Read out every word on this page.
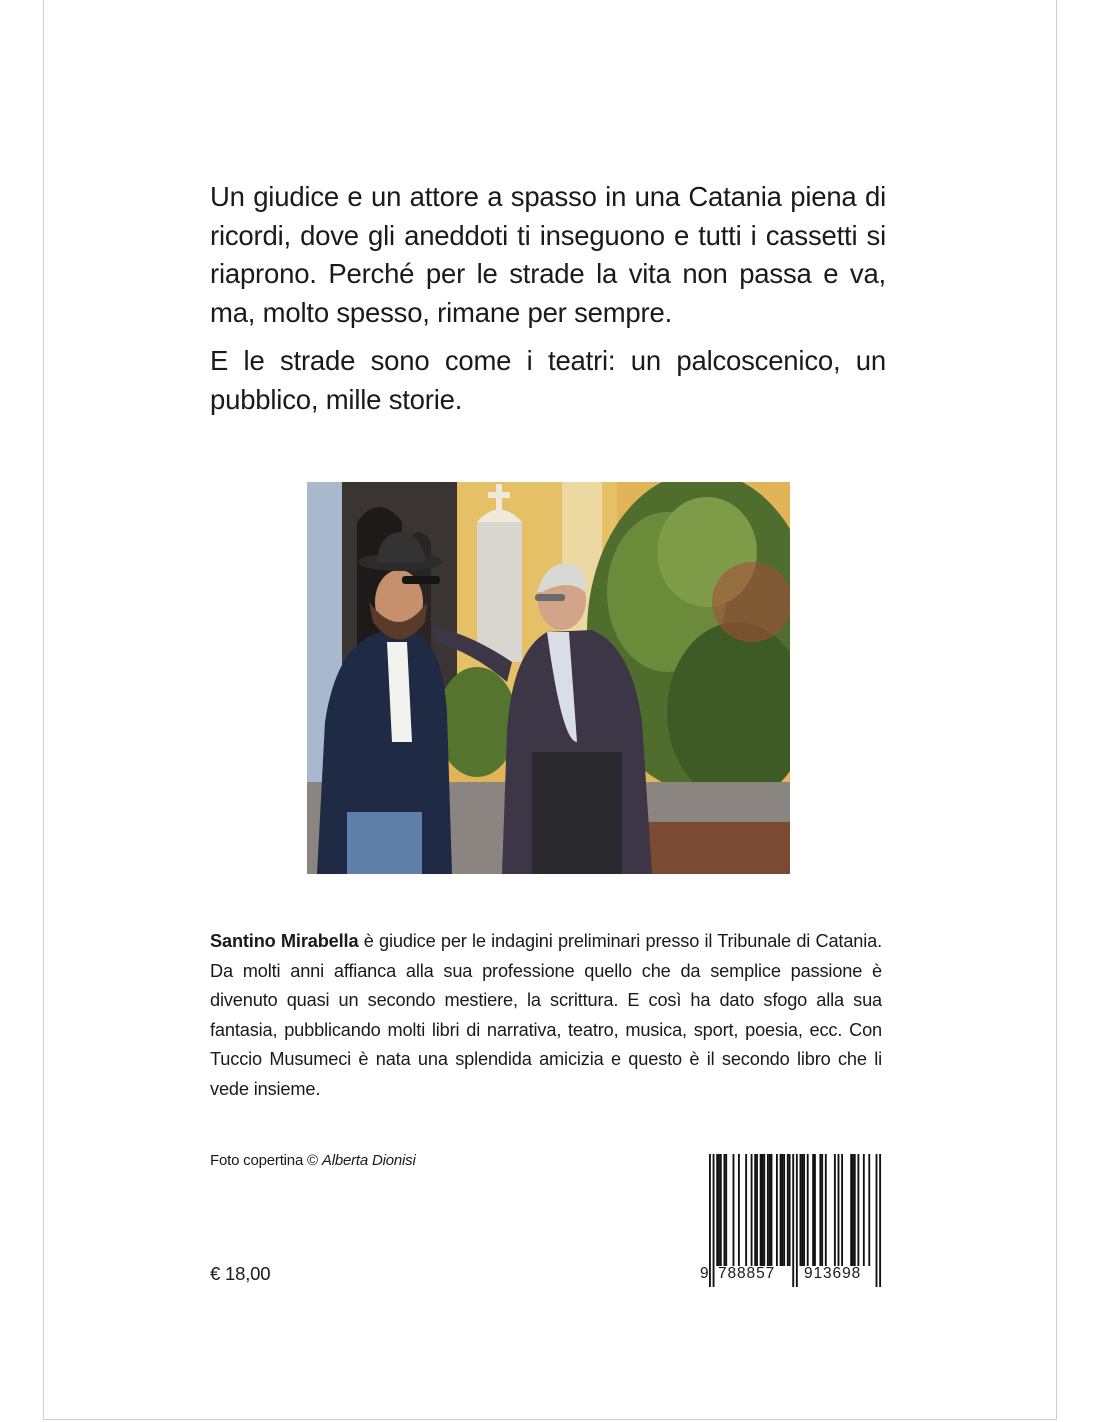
Un giudice e un attore a spasso in una Catania piena di ricordi, dove gli aneddoti ti inseguono e tutti i cassetti si riaprono. Perché per le strade la vita non passa e va, ma, molto spesso, rimane per sempre.

E le strade sono come i teatri: un palcoscenico, un pubblico, mille storie.

Santino Mirabella è giudice per le indagini preliminari presso il Tribunale di Catania. Da molti anni affianca alla sua professione quello che da semplice passione è divenuto quasi un secondo mestiere, la scrittura. E così ha dato sfogo alla sua fantasia, pubblicando molti libri di narrativa, teatro, musica, sport, poesia, ecc. Con Tuccio Musumeci è nata una splendida amicizia e questo è il secondo libro che li vede insieme.
Foto copertina © Alberta Dionisi
€ 18,00	9 788857 913698
